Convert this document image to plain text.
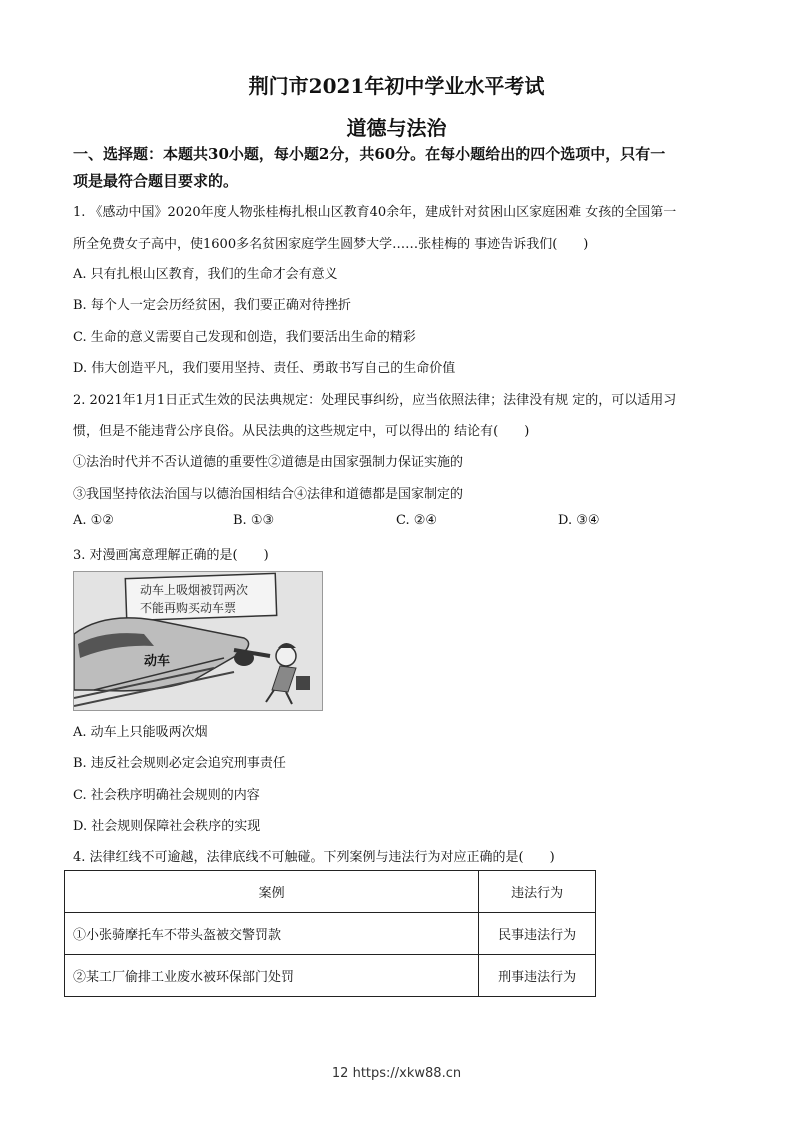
荆门市2021年初中学业水平考试
道德与法治
一、选择题：本题共30小题，每小题2分，共60分。在每小题给出的四个选项中，只有一
项是最符合题目要求的。
1. 《感动中国》2020年度人物张桂梅扎根山区教育40余年，建成针对贫困山区家庭困难 女孩的全国第一
所全免费女子高中，使1600多名贫困家庭学生圆梦大学……张桂梅的 事迹告诉我们(　　)
A. 只有扎根山区教育，我们的生命才会有意义
B. 每个人一定会历经贫困，我们要正确对待挫折
C. 生命的意义需要自己发现和创造，我们要活出生命的精彩
D. 伟大创造平凡，我们要用坚持、责任、勇敢书写自己的生命价值
2. 2021年1月1日正式生效的民法典规定：处理民事纠纷，应当依照法律；法律没有规 定的，可以适用习
惯，但是不能违背公序良俗。从民法典的这些规定中，可以得出的 结论有(　　)
①法治时代并不否认道德的重要性②道德是由国家强制力保证实施的
③我国坚持依法治国与以德治国相结合④法律和道德都是国家制定的
A. ①②	B. ①③	C. ②④	D. ③④
3. 对漫画寓意理解正确的是(　　)
动车上吸烟被罚两次
不能再购买动车票
动车
A. 动车上只能吸两次烟
B. 违反社会规则必定会追究刑事责任
C. 社会秩序明确社会规则的内容
D. 社会规则保障社会秩序的实现
4. 法律红线不可逾越，法律底线不可触碰。下列案例与违法行为对应正确的是(　　)
案例	违法行为
①小张骑摩托车不带头盔被交警罚款	民事违法行为
②某工厂偷排工业废水被环保部门处罚	刑事违法行为
12 https://xkw88.cn
